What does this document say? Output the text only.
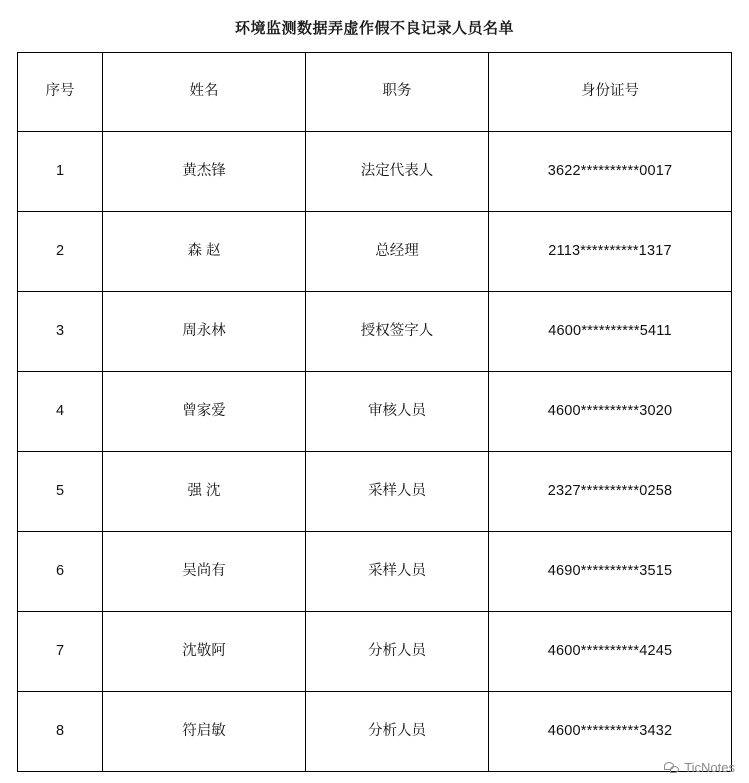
环境监测数据弄虚作假不良记录人员名单
序号	姓名	职务	身份证号

1	黄杰锋	法定代表人	3622**********0017

2	森 赵	总经理	2113**********1317

3	周永林	授权签字人	4600**********5411

4	曾家爱	审核人员	4600**********3020

5	强 沈	采样人员	2327**********0258

6	吴尚有	采样人员	4690**********3515

7	沈敬阿	分析人员	4600**********4245

8	符启敏	分析人员	4600**********3432
TicNotes
